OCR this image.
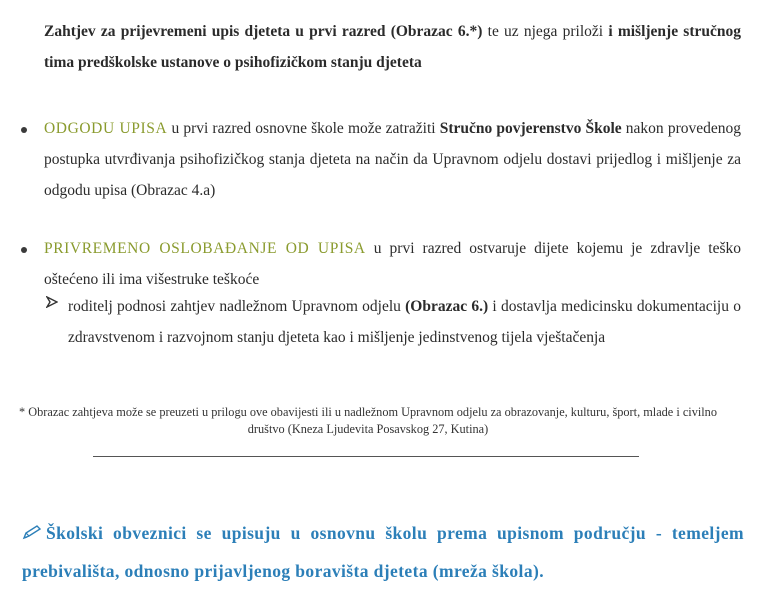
Zahtjev za prijevremeni upis djeteta u prvi razred (Obrazac 6.*) te uz njega priloži i mišljenje stručnog tima predškolske ustanove o psihofizičkom stanju djeteta
ODGODU UPISA u prvi razred osnovne škole može zatražiti Stručno povjerenstvo Škole nakon provedenog postupka utvrđivanja psihofizičkog stanja djeteta na način da Upravnom odjelu dostavi prijedlog i mišljenje za odgodu upisa (Obrazac 4.a)
PRIVREMENO OSLOBAĐANJE OD UPISA u prvi razred ostvaruje dijete kojemu je zdravlje teško oštećeno ili ima višestruke teškoće
roditelj podnosi zahtjev nadležnom Upravnom odjelu (Obrazac 6.) i dostavlja medicinsku dokumentaciju o zdravstvenom i razvojnom stanju djeteta kao i mišljenje jedinstvenog tijela vještačenja
* Obrazac zahtjeva može se preuzeti u prilogu ove obavijesti ili u nadležnom Upravnom odjelu za obrazovanje, kulturu, šport, mlade i civilno društvo (Kneza Ljudevita Posavskog 27, Kutina)
Školski obveznici se upisuju u osnovnu školu prema upisnom području - temeljem prebivališta, odnosno prijavljenog boravišta djeteta (mreža škola).
